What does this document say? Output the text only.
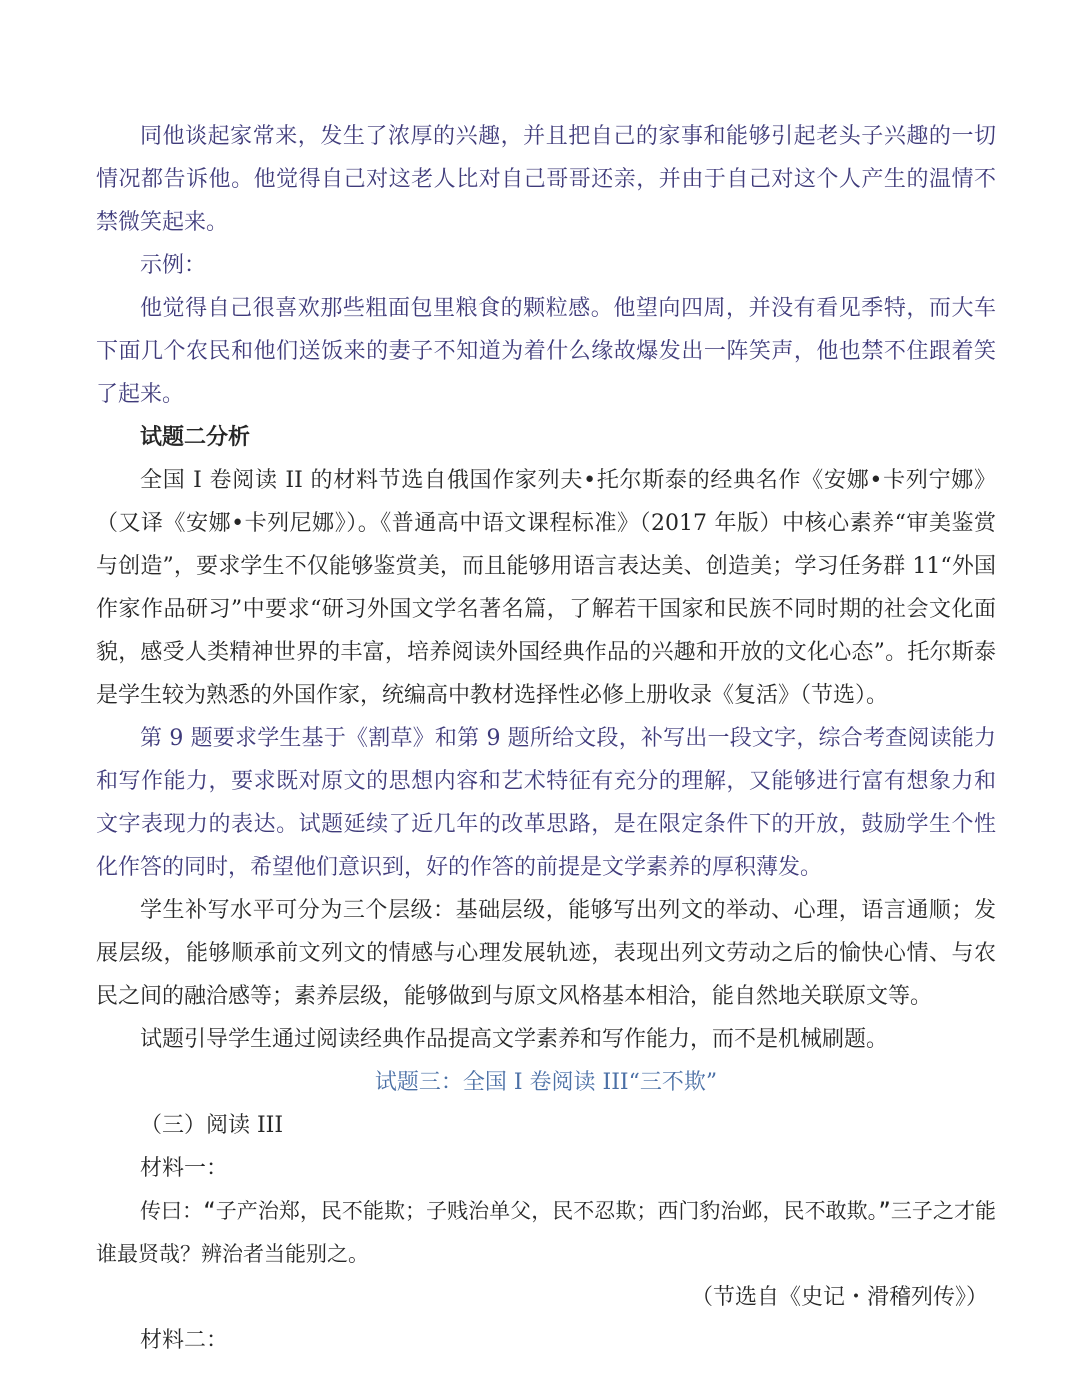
同他谈起家常来，发生了浓厚的兴趣，并且把自己的家事和能够引起老头子兴趣的一切情况都告诉他。他觉得自己对这老人比对自己哥哥还亲，并由于自己对这个人产生的温情不禁微笑起来。

示例：

他觉得自己很喜欢那些粗面包里粮食的颗粒感。他望向四周，并没有看见季特，而大车下面几个农民和他们送饭来的妻子不知道为着什么缘故爆发出一阵笑声，他也禁不住跟着笑了起来。

试题二分析

全国 I 卷阅读 II 的材料节选自俄国作家列夫•托尔斯泰的经典名作《安娜•卡列宁娜》（又译《安娜•卡列尼娜》）。《普通高中语文课程标准》（2017 年版）中核心素养“审美鉴赏与创造”，要求学生不仅能够鉴赏美，而且能够用语言表达美、创造美；学习任务群 11“外国作家作品研习”中要求“研习外国文学名著名篇，了解若干国家和民族不同时期的社会文化面貌，感受人类精神世界的丰富，培养阅读外国经典作品的兴趣和开放的文化心态”。托尔斯泰是学生较为熟悉的外国作家，统编高中教材选择性必修上册收录《复活》（节选）。

第 9 题要求学生基于《割草》和第 9 题所给文段，补写出一段文字，综合考查阅读能力和写作能力，要求既对原文的思想内容和艺术特征有充分的理解，又能够进行富有想象力和文字表现力的表达。试题延续了近几年的改革思路，是在限定条件下的开放，鼓励学生个性化作答的同时，希望他们意识到，好的作答的前提是文学素养的厚积薄发。

学生补写水平可分为三个层级：基础层级，能够写出列文的举动、心理，语言通顺；发展层级，能够顺承前文列文的情感与心理发展轨迹，表现出列文劳动之后的愉快心情、与农民之间的融洽感等；素养层级，能够做到与原文风格基本相洽，能自然地关联原文等。

试题引导学生通过阅读经典作品提高文学素养和写作能力，而不是机械刷题。

试题三：全国 I 卷阅读 III“三不欺”

（三）阅读 III

材料一：

传曰：“子产治郑，民不能欺；子贱治单父，民不忍欺；西门豹治邺，民不敢欺。”三子之才能谁最贤哉？辨治者当能别之。

（节选自《史记・滑稽列传》）

材料二：
